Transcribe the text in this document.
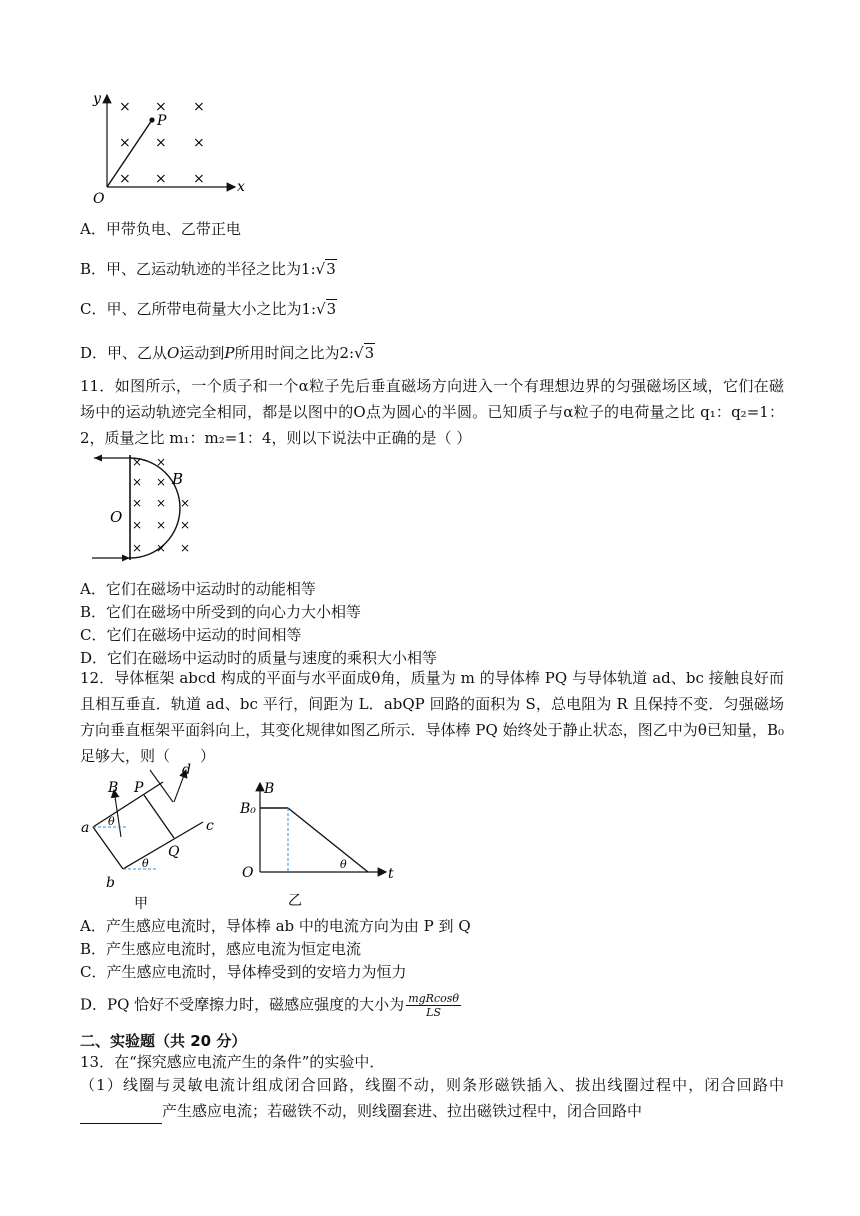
y
x
O
P
× × ×
× × ×
× × ×
A．甲带负电、乙带正电
B．甲、乙运动轨迹的半径之比为1:√3
C．甲、乙所带电荷量大小之比为1:√3
D．甲、乙从O运动到P所用时间之比为2:√3
11．如图所示，一个质子和一个α粒子先后垂直磁场方向进入一个有理想边界的匀强磁场区域，它们在磁场中的运动轨迹完全相同，都是以图中的O点为圆心的半圆。已知质子与α粒子的电荷量之比 q₁：q₂=1：2，质量之比 m₁：m₂=1：4，则以下说法中正确的是（ ）
O
B
× ×
× ×
× × ×
× × ×
× × ×
A．它们在磁场中运动时的动能相等
B．它们在磁场中所受到的向心力大小相等
C．它们在磁场中运动的时间相等
D．它们在磁场中运动时的质量与速度的乘积大小相等
12．导体框架 abcd 构成的平面与水平面成θ角，质量为 m 的导体棒 PQ 与导体轨道 ad、bc 接触良好而且相互垂直．轨道 ad、bc 平行，间距为 L．abQP 回路的面积为 S，总电阻为 R 且保持不变．匀强磁场方向垂直框架平面斜向上，其变化规律如图乙所示．导体棒 PQ 始终处于静止状态，图乙中为θ已知量，B₀足够大，则（　　）
B
a
b
c
d
P
Q
θ
θ
甲
B
B₀
O	t
θ
乙
A．产生感应电流时，导体棒 ab 中的电流方向为由 P 到 Q
B．产生感应电流时，感应电流为恒定电流
C．产生感应电流时，导体棒受到的安培力为恒力
D．PQ 恰好不受摩擦力时，磁感应强度的大小为 $\frac{\text{mgRcosθ}}{LS}$
二、实验题（共 20 分）
13．在“探究感应电流产生的条件”的实验中．
（1）线圈与灵敏电流计组成闭合回路，线圈不动，则条形磁铁插入、拔出线圈过程中，闭合回路中产生感应电流；若磁铁不动，则线圈套进、拉出磁铁过程中，闭合回路中
